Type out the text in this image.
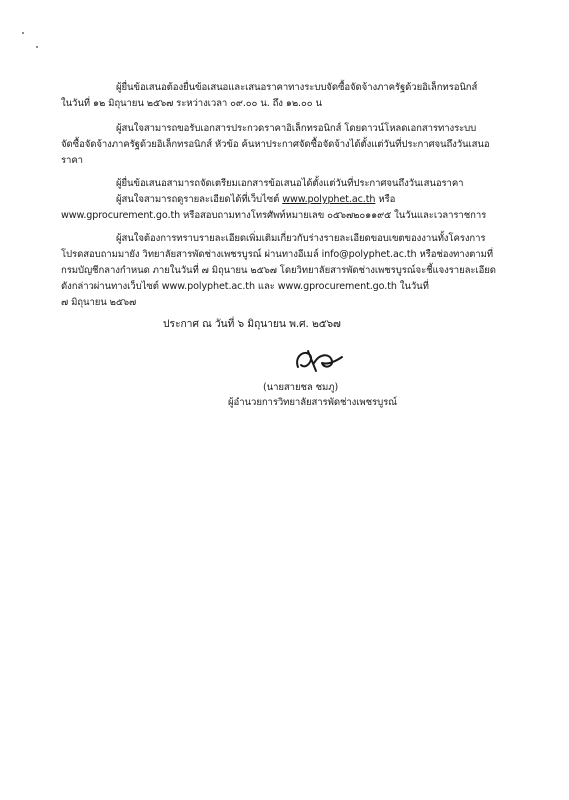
ผู้ยื่นข้อเสนอต้องยื่นข้อเสนอและเสนอราคาทางระบบจัดซื้อจัดจ้างภาครัฐด้วยอิเล็กทรอนิกส์
ในวันที่ ๑๒ มิถุนายน ๒๕๖๗ ระหว่างเวลา ๐๙.๐๐ น. ถึง ๑๒.๐๐ น
ผู้สนใจสามารถขอรับเอกสารประกวดราคาอิเล็กทรอนิกส์ โดยดาวน์โหลดเอกสารทางระบบ
จัดซื้อจัดจ้างภาครัฐด้วยอิเล็กทรอนิกส์ หัวข้อ ค้นหาประกาศจัดซื้อจัดจ้างได้ตั้งแต่วันที่ประกาศจนถึงวันเสนอ
ราคา
ผู้ยื่นข้อเสนอสามารถจัดเตรียมเอกสารข้อเสนอได้ตั้งแต่วันที่ประกาศจนถึงวันเสนอราคา
ผู้สนใจสามารถดูรายละเอียดได้ที่เว็บไซต์ www.polyphet.ac.th หรือ
www.gprocurement.go.th หรือสอบถามทางโทรศัพท์หมายเลข ๐๕๖๗๒๐๑๑๙๕ ในวันและเวลาราชการ
ผู้สนใจต้องการทราบรายละเอียดเพิ่มเติมเกี่ยวกับร่างรายละเอียดขอบเขตของงานทั้งโครงการ
โปรดสอบถามมายัง วิทยาลัยสารพัดช่างเพชรบูรณ์ ผ่านทางอีเมล์ info@polyphet.ac.th หรือช่องทางตามที่
กรมบัญชีกลางกำหนด ภายในวันที่ ๗ มิถุนายน ๒๕๖๗ โดยวิทยาลัยสารพัดช่างเพชรบูรณ์จะชี้แจงรายละเอียด
ดังกล่าวผ่านทางเว็บไซต์ www.polyphet.ac.th และ www.gprocurement.go.th ในวันที่
๗ มิถุนายน ๒๕๖๗
ประกาศ ณ วันที่ ๖ มิถุนายน พ.ศ. ๒๕๖๗
(นายสายชล ชมภู)
ผู้อำนวยการวิทยาลัยสารพัดช่างเพชรบูรณ์
